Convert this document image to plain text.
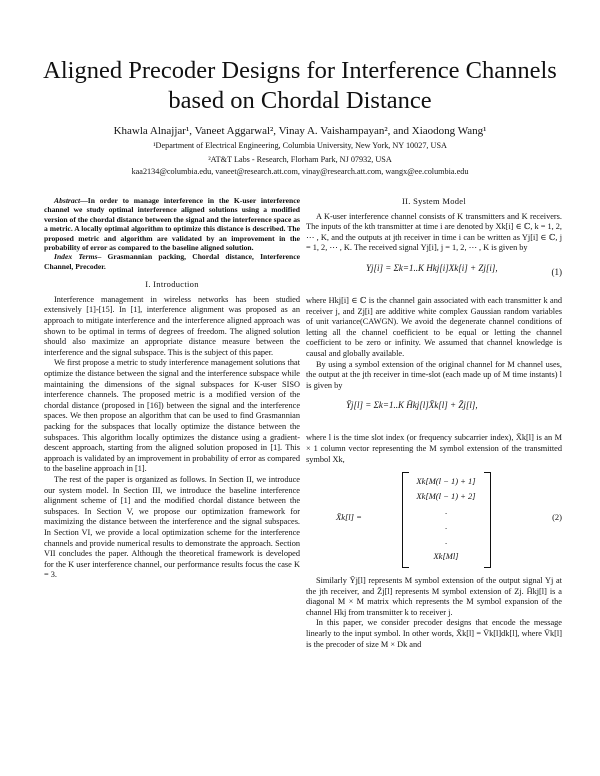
Aligned Precoder Designs for Interference Channels
based on Chordal Distance
Khawla Alnajjar¹, Vaneet Aggarwal², Vinay A. Vaishampayan², and Xiaodong Wang¹
¹Department of Electrical Engineering, Columbia University, New York, NY 10027, USA
²AT&T Labs - Research, Florham Park, NJ 07932, USA
kaa2134@columbia.edu, vaneet@research.att.com, vinay@research.att.com, wangx@ee.columbia.edu

Abstract—In order to manage interference in the K-user interference channel we study optimal interference aligned solutions using a modified version of the chordal distance between the signal and the interference space as a metric. A locally optimal algorithm to optimize this distance is described. The proposed metric and algorithm are validated by an improvement in the probability of error as compared to the baseline aligned solution.

Index Terms– Grasmannian packing, Chordal distance, Interference Channel, Precoder.

I. Introduction

Interference management in wireless networks has been studied extensively [1]-[15]. In [1], interference alignment was proposed as an approach to mitigate interference and the interference aligned approach was shown to be optimal in terms of degrees of freedom. The aligned solution should also maximize an appropriate distance measure between the interference and the signal subspace. This is the subject of this paper.

We first propose a metric to study interference management solutions that optimize the distance between the signal and the interference subspace while maintaining the dimensions of the signal subspaces for K-user SISO interference channels. The proposed metric is a modified version of the chordal distance (proposed in [16]) between the signal and the interference spaces. We then propose an algorithm that can be used to find Grasmannian packing for the subspaces that locally optimize the distance between the subspaces. This algorithm locally optimizes the distance using a gradient-descent approach, starting from the aligned solution proposed in [1]. This approach is validated by an improvement in probability of error as compared to the baseline approach in [1].

The rest of the paper is organized as follows. In Section II, we introduce our system model. In Section III, we introduce the baseline interference alignment scheme of [1] and the modified chordal distance between the subspaces. In Section V, we propose our optimization framework for maximizing the distance between the interference and the signal subspaces. In Section VI, we provide a local optimization scheme for the interference channels and provide numerical results to demonstrate the approach. Section VII concludes the paper. Although the theoretical framework is developed for the K user interference channel, our performance results focus the case K = 3.

II. System Model

A K-user interference channel consists of K transmitters and K receivers. The inputs of the kth transmitter at time i are denoted by Xk[i] ∈ ℂ, k = 1, 2, ⋯ , K, and the outputs at jth receiver in time i can be written as Yj[i] ∈ ℂ, j = 1, 2, ⋯ , K. The received signal Yj[i], j = 1, 2, ⋯ , K is given by

Yj[i] = Σk=1..K Hkj[i]Xk[i] + Zj[i],	(1)

where Hkj[i] ∈ ℂ is the channel gain associated with each transmitter k and receiver j, and Zj[i] are additive white complex Gaussian random variables of unit variance(CAWGN). We avoid the degenerate channel conditions of letting all the channel coefficient to be equal or letting the channel coefficient to be zero or infinity. We assumed that channel knowledge is causal and globally available.

By using a symbol extension of the original channel for M channel uses, the output at the jth receiver in time-slot (each made up of M time instants) l is given by

Ȳj[l] = Σk=1..K H̄kj[l]X̄k[l] + Z̄j[l],

where l is the time slot index (or frequency subcarrier index), X̄k[l] is an M × 1 column vector representing the M symbol extension of the transmitted symbol Xk,

X̄k[l] =
Xk[M(l − 1) + 1]
Xk[M(l − 1) + 2]
.
.
.
Xk[Ml]
(2)

Similarly Ȳj[l] represents M symbol extension of the output signal Yj at the jth receiver, and Z̄j[l] represents M symbol extension of Zj. H̄kj[l] is a diagonal M × M matrix which represents the M symbol expansion of the channel Hkj from transmitter k to receiver j.

In this paper, we consider precoder designs that encode the message linearly to the input symbol. In other words, X̄k[l] = V̄k[l]dk[l], where V̄k[l] is the precoder of size M × Dk and
